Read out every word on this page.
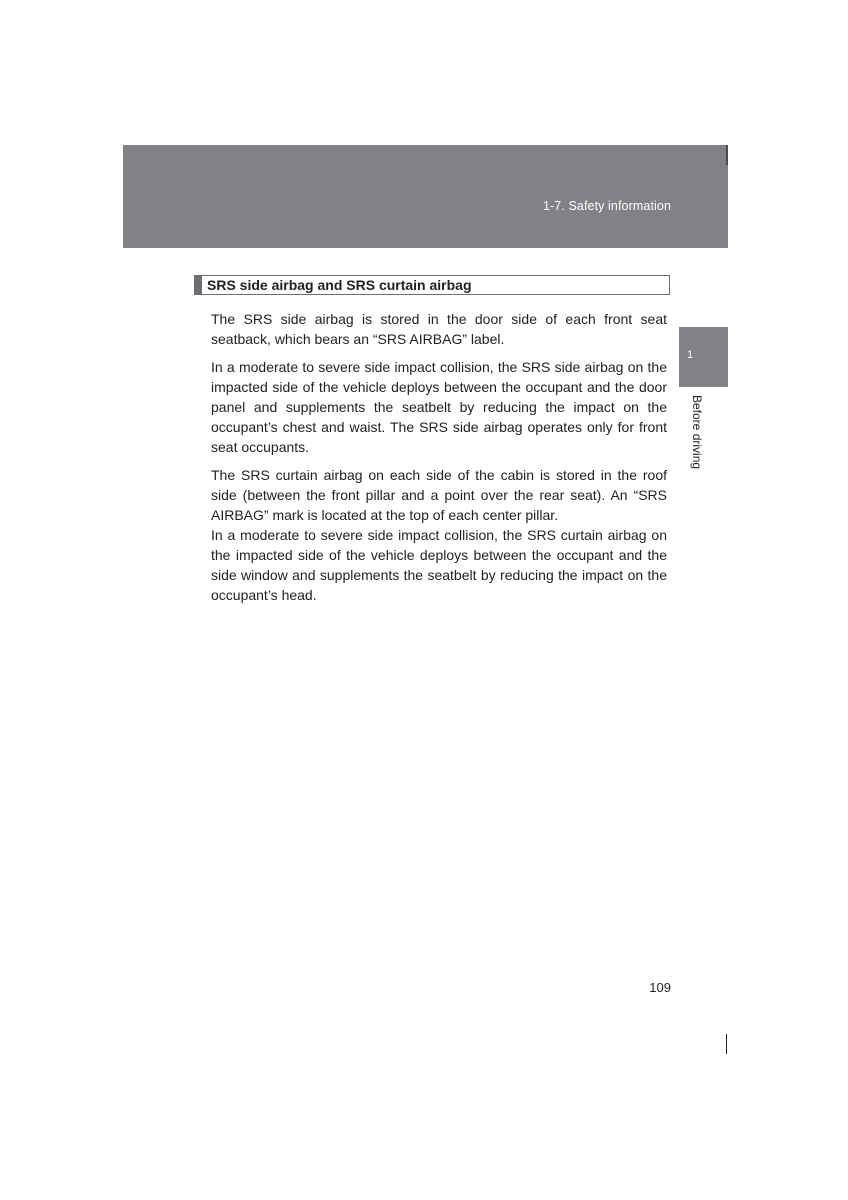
1-7. Safety information
SRS side airbag and SRS curtain airbag

The SRS side airbag is stored in the door side of each front seat seatback, which bears an “SRS AIRBAG” label.

In a moderate to severe side impact collision, the SRS side airbag on the impacted side of the vehicle deploys between the occupant and the door panel and supplements the seatbelt by reducing the impact on the occupant’s chest and waist. The SRS side airbag operates only for front seat occupants.

The SRS curtain airbag on each side of the cabin is stored in the roof side (between the front pillar and a point over the rear seat). An “SRS AIRBAG” mark is located at the top of each center pillar.

In a moderate to severe side impact collision, the SRS curtain airbag on the impacted side of the vehicle deploys between the occupant and the side window and supplements the seatbelt by reducing the impact on the occupant’s head.

1
Before driving
109
